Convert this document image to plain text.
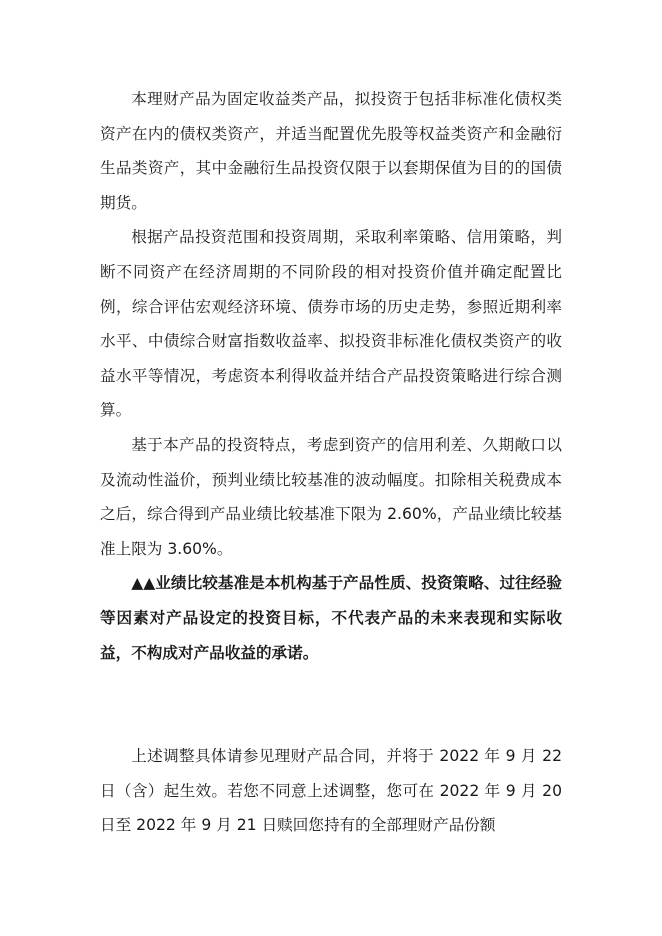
本理财产品为固定收益类产品，拟投资于包括非标准化债权类资产在内的债权类资产，并适当配置优先股等权益类资产和金融衍生品类资产，其中金融衍生品投资仅限于以套期保值为目的的国债期货。

根据产品投资范围和投资周期，采取利率策略、信用策略，判断不同资产在经济周期的不同阶段的相对投资价值并确定配置比例，综合评估宏观经济环境、债券市场的历史走势，参照近期利率水平、中债综合财富指数收益率、拟投资非标准化债权类资产的收益水平等情况，考虑资本利得收益并结合产品投资策略进行综合测算。

基于本产品的投资特点，考虑到资产的信用利差、久期敞口以及流动性溢价，预判业绩比较基准的波动幅度。扣除相关税费成本之后，综合得到产品业绩比较基准下限为 2.60%，产品业绩比较基准上限为 3.60%。

▲▲业绩比较基准是本机构基于产品性质、投资策略、过往经验等因素对产品设定的投资目标，不代表产品的未来表现和实际收益，不构成对产品收益的承诺。

上述调整具体请参见理财产品合同，并将于 2022 年 9 月 22 日（含）起生效。若您不同意上述调整，您可在 2022 年 9 月 20 日至 2022 年 9 月 21 日赎回您持有的全部理财产品份额
